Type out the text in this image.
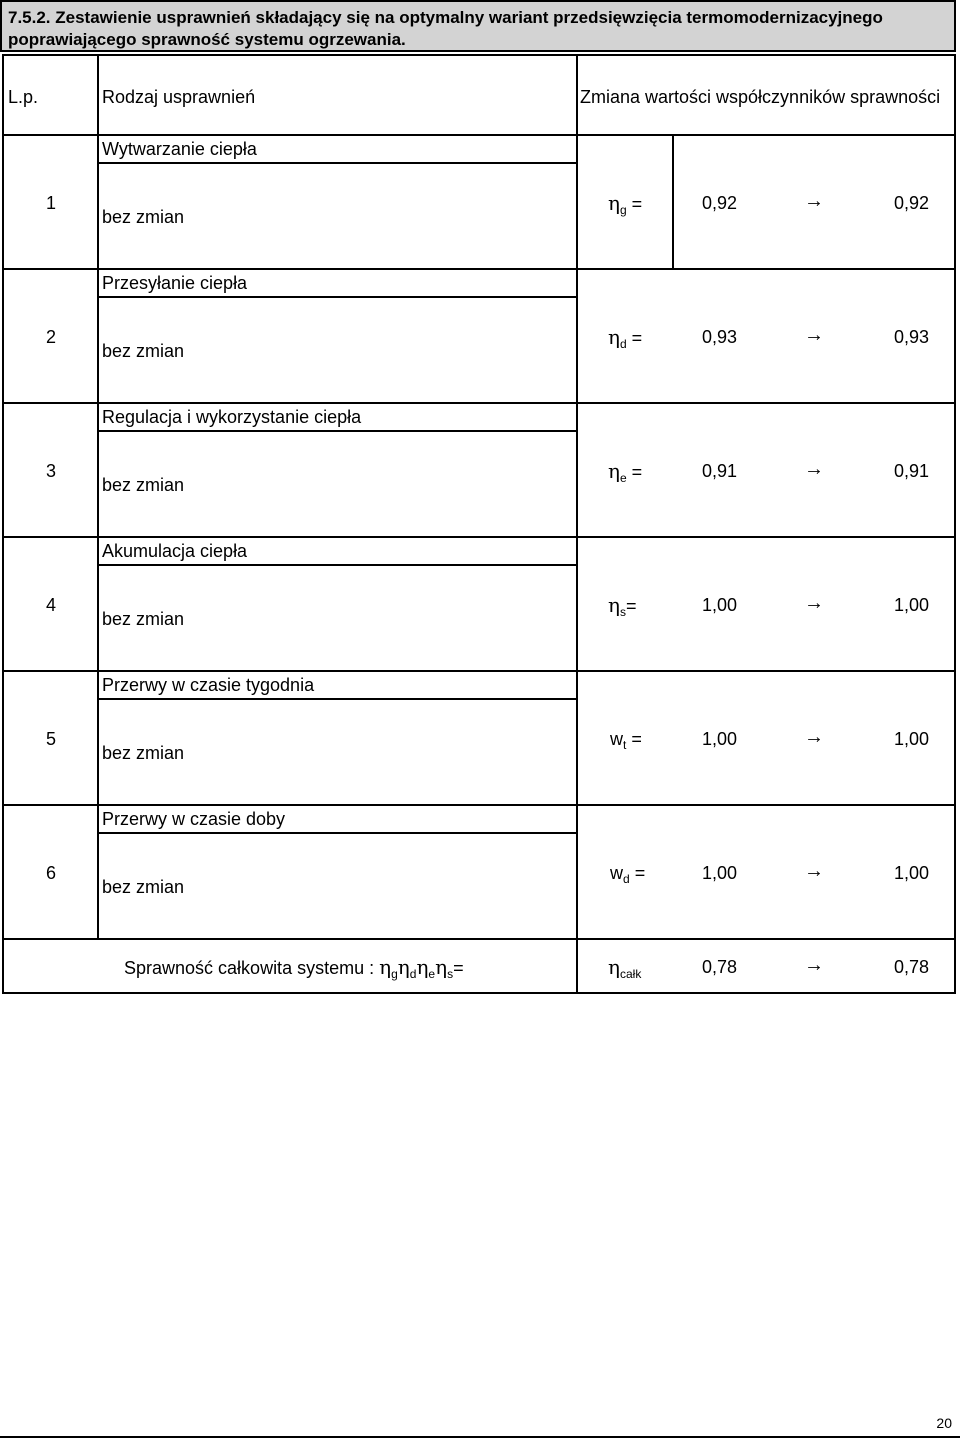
7.5.2. Zestawienie usprawnień składający się na optymalny wariant przedsięwzięcia termomodernizacyjnego
poprawiającego sprawność systemu ogrzewania.
L.p.	Rodzaj usprawnień	Zmiana wartości współczynników sprawności
1
Wytwarzanie ciepła
bez zmian
$\eta_g$ =	0,92	→	0,92
2
Przesyłanie ciepła
bez zmian
$\eta_d$ =	0,93	→	0,93
3
Regulacja i wykorzystanie ciepła
bez zmian
$\eta_e$ =	0,91	→	0,91
4
Akumulacja ciepła
bez zmian
$\eta_s=$	1,00	→	1,00
5
Przerwy w czasie tygodnia
bez zmian
$w_t$ =	1,00	→	1,00
6
Przerwy w czasie doby
bez zmian
$w_d$ =	1,00	→	1,00
Sprawność całkowita systemu : $\eta_g\eta_d\eta_e\eta_s=$	$\eta_{całk}$	0,78	→	0,78
20
